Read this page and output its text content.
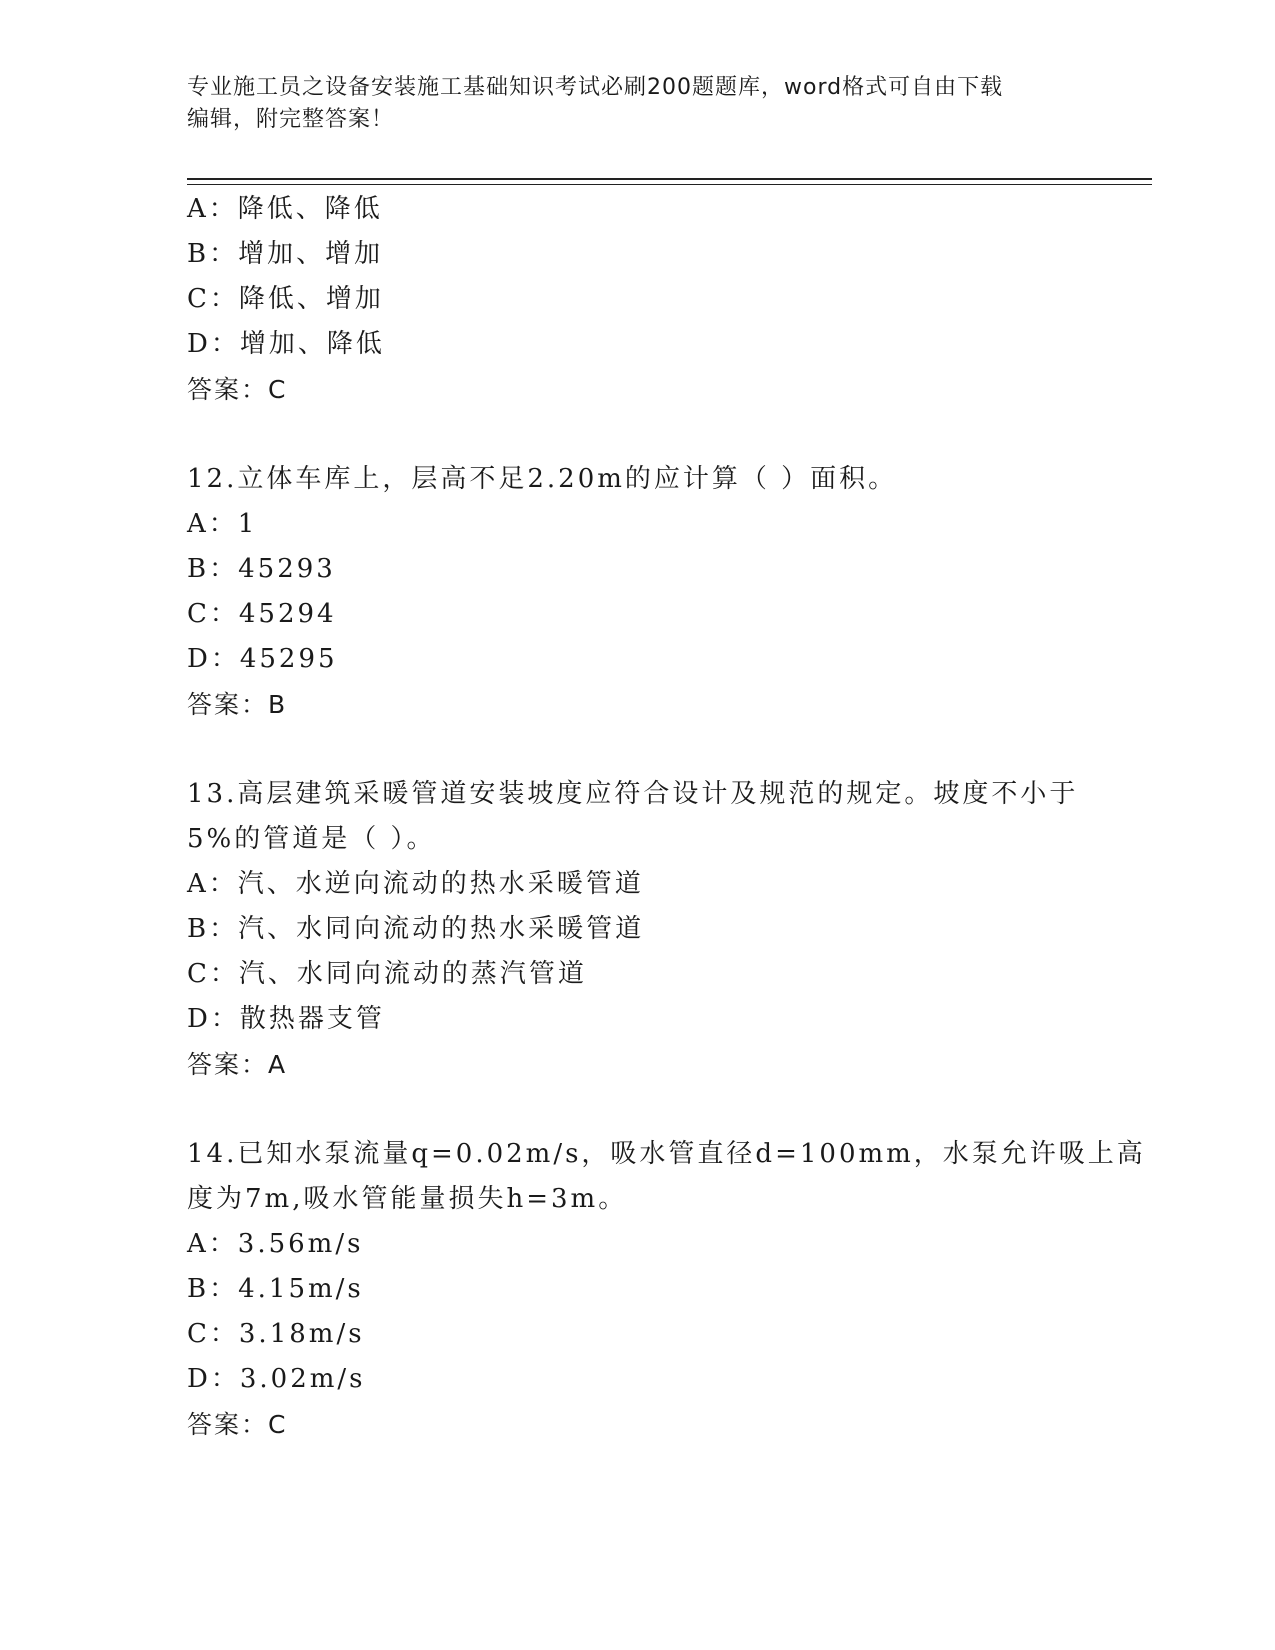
专业施工员之设备安装施工基础知识考试必刷200题题库，word格式可自由下载
编辑，附完整答案！
A：降低、降低
B：增加、增加
C：降低、增加
D：增加、降低
答案：C
12.立体车库上，层高不足2.20m的应计算（ ）面积。
A：1
B：45293
C：45294
D：45295
答案：B
13.高层建筑采暖管道安装坡度应符合设计及规范的规定。坡度不小于
5%的管道是（ ）。
A：汽、水逆向流动的热水采暖管道
B：汽、水同向流动的热水采暖管道
C：汽、水同向流动的蒸汽管道
D：散热器支管
答案：A
14.已知水泵流量q=0.02m/s，吸水管直径d=100mm，水泵允许吸上高
度为7m,吸水管能量损失h=3m。
A：3.56m/s
B：4.15m/s
C：3.18m/s
D：3.02m/s
答案：C
